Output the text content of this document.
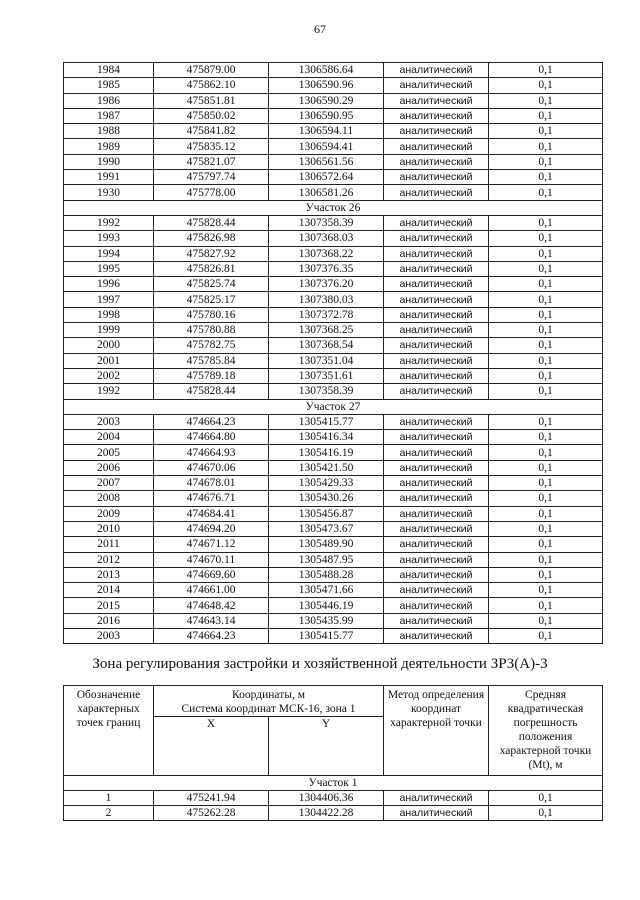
67
1984	475879.00	1306586.64	аналитический	0,1
1985	475862.10	1306590.96	аналитический	0,1
1986	475851.81	1306590.29	аналитический	0,1
1987	475850.02	1306590.95	аналитический	0,1
1988	475841.82	1306594.11	аналитический	0,1
1989	475835.12	1306594.41	аналитический	0,1
1990	475821.07	1306561.56	аналитический	0,1
1991	475797.74	1306572.64	аналитический	0,1
1930	475778.00	1306581.26	аналитический	0,1
Участок 26				
1992	475828.44	1307358.39	аналитический	0,1
1993	475826.98	1307368.03	аналитический	0,1
1994	475827.92	1307368.22	аналитический	0,1
1995	475826.81	1307376.35	аналитический	0,1
1996	475825.74	1307376.20	аналитический	0,1
1997	475825.17	1307380.03	аналитический	0,1
1998	475780.16	1307372.78	аналитический	0,1
1999	475780.88	1307368.25	аналитический	0,1
2000	475782.75	1307368.54	аналитический	0,1
2001	475785.84	1307351.04	аналитический	0,1
2002	475789.18	1307351.61	аналитический	0,1
1992	475828.44	1307358.39	аналитический	0,1
Участок 27				
2003	474664.23	1305415.77	аналитический	0,1
2004	474664.80	1305416.34	аналитический	0,1
2005	474664.93	1305416.19	аналитический	0,1
2006	474670.06	1305421.50	аналитический	0,1
2007	474678.01	1305429.33	аналитический	0,1
2008	474676.71	1305430.26	аналитический	0,1
2009	474684.41	1305456.87	аналитический	0,1
2010	474694.20	1305473.67	аналитический	0,1
2011	474671.12	1305489.90	аналитический	0,1
2012	474670.11	1305487.95	аналитический	0,1
2013	474669.60	1305488.28	аналитический	0,1
2014	474661.00	1305471.66	аналитический	0,1
2015	474648.42	1305446.19	аналитический	0,1
2016	474643.14	1305435.99	аналитический	0,1
2003	474664.23	1305415.77	аналитический	0,1
Зона регулирования застройки и хозяйственной деятельности ЗРЗ(А)-3
Обозначение характерных точек границ	Координаты, м		Метод определения координат характерной точки	Средняя квадратическая погрешность положения характерной точки (Mt), м
	Система координат МСК-16, зона 1			
	X	Y		
Участок 1				
1	475241.94	1304406.36	аналитический	0,1
2	475262.28	1304422.28	аналитический	0,1
